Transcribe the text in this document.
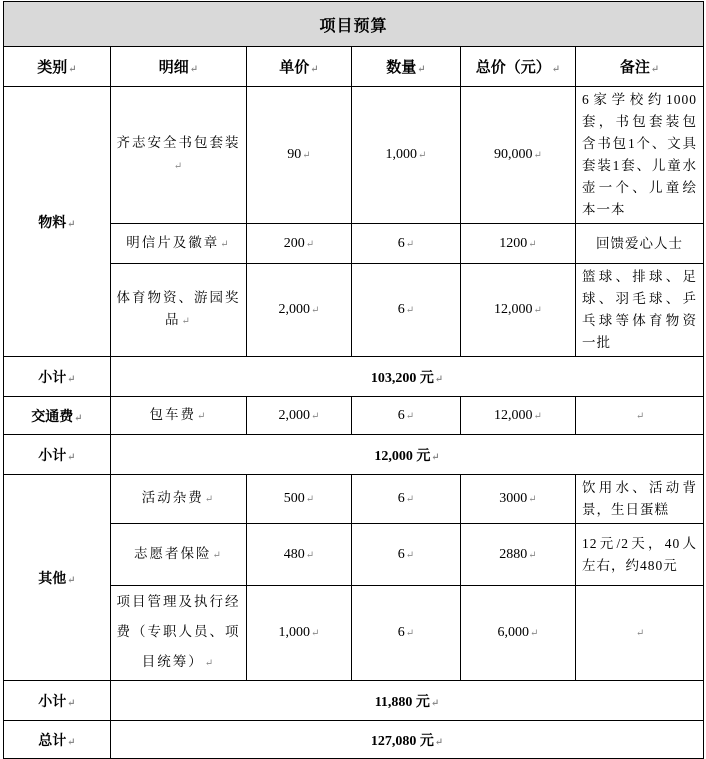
项目预算					
类别↵	明细↵	单价↵	数量↵	总价（元）↵	备注↵
物料↵	齐志安全书包套装↵	90↵	1,000↵	90,000↵	6家学校约1000套，书包套装包含书包1个、文具套装1套、儿童水壶一个、儿童绘本一本
	明信片及徽章↵	200↵	6↵	1200↵	回馈爱心人士
	体育物资、游园奖品↵	2,000↵	6↵	12,000↵	篮球、排球、足球、羽毛球、乒乓球等体育物资一批
小计↵	103,200 元↵				
交通费↵	包车费↵	2,000↵	6↵	12,000↵	↵
小计↵	12,000 元↵				
其他↵	活动杂费↵	500↵	6↵	3000↵	饮用水、活动背景，生日蛋糕
	志愿者保险↵	480↵	6↵	2880↵	12元/2天，40人左右，约480元
	项目管理及执行经费（专职人员、项目统筹）↵	1,000↵	6↵	6,000↵	↵
小计↵	11,880 元↵				
总计↵	127,080 元↵				
